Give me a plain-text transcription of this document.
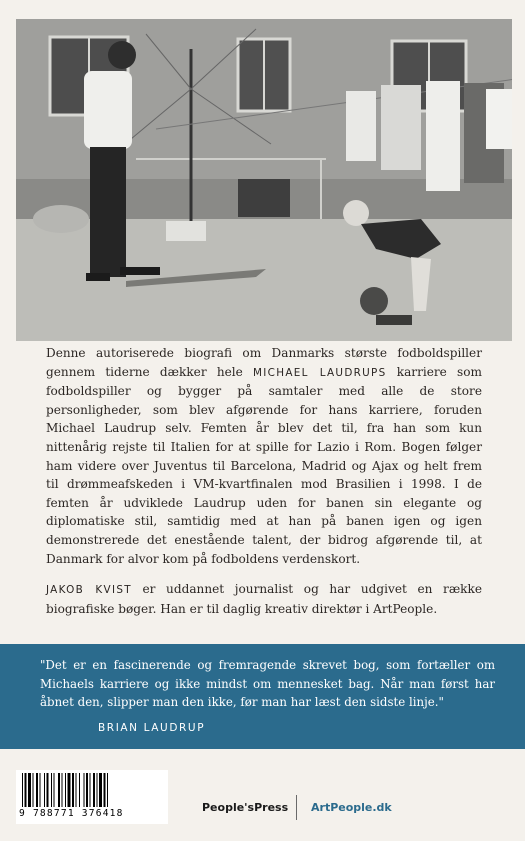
Denne autoriserede biografi om Danmarks største fodboldspiller gennem tiderne dækker hele MICHAEL LAUDRUPS karriere som fodboldspiller og bygger på samtaler med alle de store personligheder, som blev afgørende for hans karriere, foruden Michael Laudrup selv. Femten år blev det til, fra han som kun nittenårig rejste til Italien for at spille for Lazio i Rom. Bogen følger ham videre over Juventus til Barcelona, Madrid og Ajax og helt frem til drømmeafskeden i VM-kvartfinalen mod Brasilien i 1998. I de femten år udviklede Laudrup uden for banen sin elegante og diplomatiske stil, samtidig med at han på banen igen og igen demonstrerede det enestående talent, der bidrog afgørende til, at Danmark for alvor kom på fodboldens verdenskort.

JAKOB KVIST er uddannet journalist og har udgivet en række biografiske bøger. Han er til daglig kreativ direktør i ArtPeople.

"Det er en fascinerende og fremragende skrevet bog, som fortæller om Michaels karriere og ikke mindst om mennesket bag. Når man først har åbnet den, slipper man den ikke, før man har læst den sidste linje."

BRIAN LAUDRUP
9 788771 376418	People'sPress ArtPeople.dk
